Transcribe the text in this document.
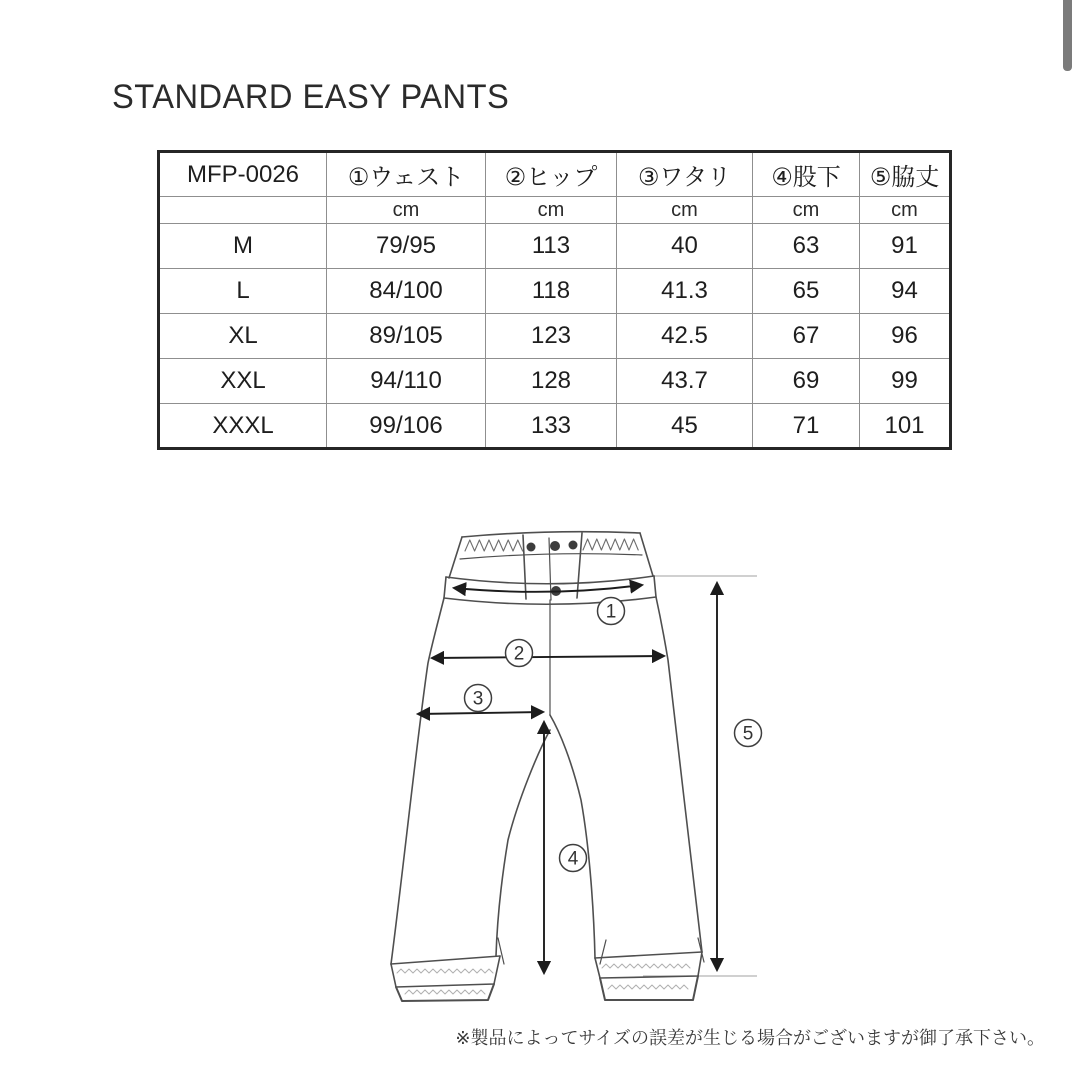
STANDARD EASY PANTS
MFP-0026	①ウェスト	②ヒップ	③ワタリ	④股下	⑤脇丈
	cm	cm	cm	cm	cm
M	79/95	113	40	63	91
L	84/100	118	41.3	65	94
XL	89/105	123	42.5	67	96
XXL	94/110	128	43.7	69	99
XXXL	99/106	133	45	71	101
1
2
3
4
5

※製品によってサイズの誤差が生じる場合がございますが御了承下さい。
